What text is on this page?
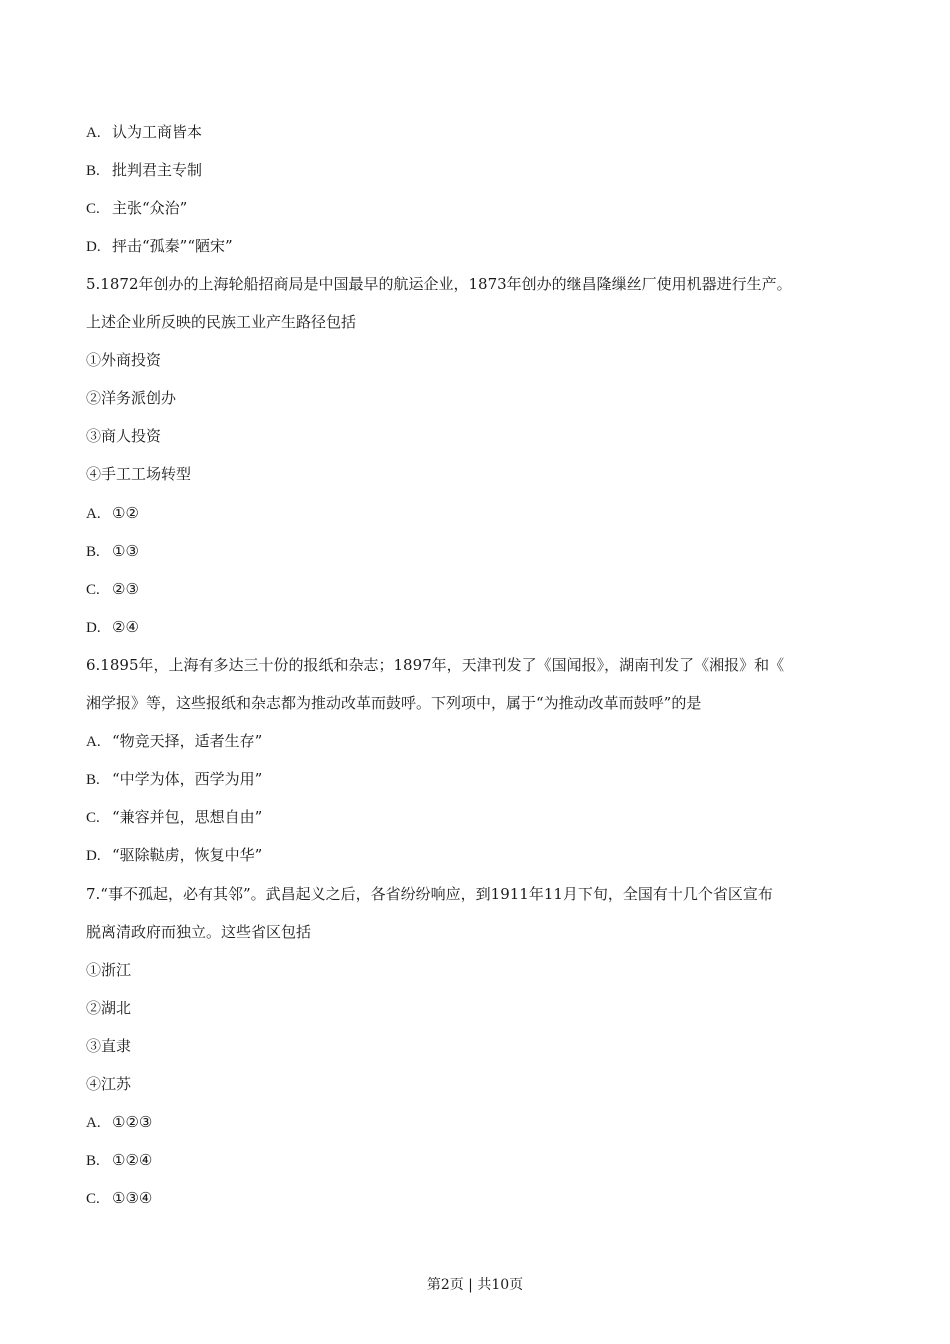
A. 认为工商皆本
B. 批判君主专制
C. 主张“众治”
D. 抨击“孤秦”“陋宋”
5.1872年创办的上海轮船招商局是中国最早的航运企业，1873年创办的继昌隆缫丝厂使用机器进行生产。
上述企业所反映的民族工业产生路径包括
①外商投资
②洋务派创办
③商人投资
④手工工场转型
A. ①②
B. ①③
C. ②③
D. ②④
6.1895年，上海有多达三十份的报纸和杂志；1897年，天津刊发了《国闻报》，湖南刊发了《湘报》和《
湘学报》等，这些报纸和杂志都为推动改革而鼓呼。下列项中，属于“为推动改革而鼓呼”的是
A. “物竞天择，适者生存”
B. “中学为体，西学为用”
C. “兼容并包，思想自由”
D. “驱除鞑虏，恢复中华”
7.“事不孤起，必有其邻”。武昌起义之后，各省纷纷响应，到1911年11月下旬，全国有十几个省区宣布
脱离清政府而独立。这些省区包括
①浙江
②湖北
③直隶
④江苏
A. ①②③
B. ①②④
C. ①③④
第2页 | 共10页
